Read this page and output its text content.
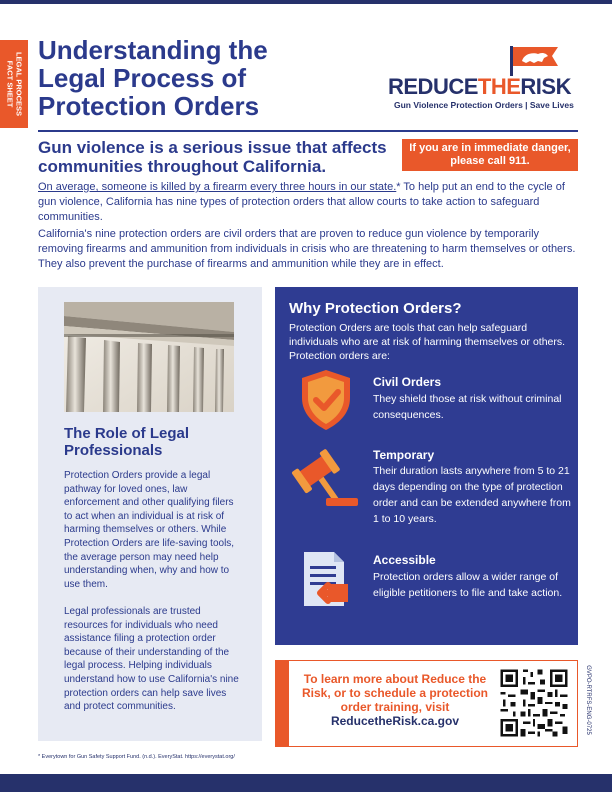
LEGAL PROCESS
FACT SHEET
Understanding the Legal Process of Protection Orders
REDUCETHERISK
Gun Violence Protection Orders | Save Lives
Gun violence is a serious issue that affects communities throughout California.
If you are in immediate danger, please call 911.

On average, someone is killed by a firearm every three hours in our state.* To help put an end to the cycle of gun violence, California has nine types of protection orders that allow courts to take action to safeguard communities.

California's nine protection orders are civil orders that are proven to reduce gun violence by temporarily removing firearms and ammunition from individuals in crisis who are threatening to harm themselves or others. They also prevent the purchase of firearms and ammunition while they are in effect.

The Role of Legal Professionals

Protection Orders provide a legal pathway for loved ones, law enforcement and other qualifying filers to act when an individual is at risk of harming themselves or others. While Protection Orders are life-saving tools, the average person may need help understanding when, why and how to use them.

Legal professionals are trusted resources for individuals who need assistance filing a protection order because of their understanding of the legal process. Helping individuals understand how to use California's nine protection orders can help save lives and protect communities.

* Everytown for Gun Safety Support Fund. (n.d.). EveryStat. https://everystat.org/
Why Protection Orders?

Protection Orders are tools that can help safeguard individuals who are at risk of harming themselves or others. Protection orders are:

Civil Orders
They shield those at risk without criminal consequences.
Temporary
Their duration lasts anywhere from 5 to 21 days depending on the type of protection order and can be extended anywhere from 1 to 10 years.
Accessible
Protection orders allow a wider range of eligible petitioners to file and take action.
To learn more about Reduce the Risk, or to schedule a protection order training, visit
ReducetheRisk.ca.gov	GVPO-RTRFS-ENG-0725
